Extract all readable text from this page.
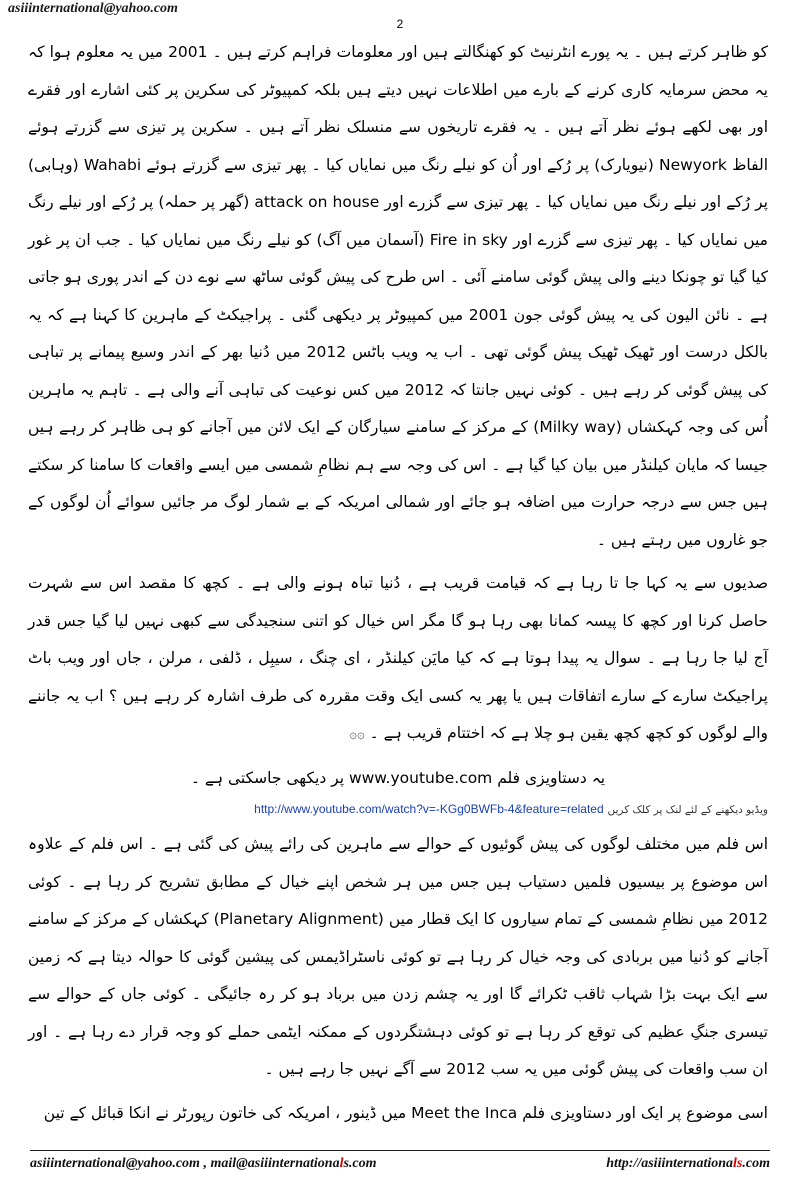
asiiinternational@yahoo.com

2

کو ظاہر کرتے ہیں ۔ یہ پورے انٹرنیٹ کو کھنگالتے ہیں اور معلومات فراہم کرتے ہیں ۔ 2001 میں یہ معلوم ہوا کہ یہ محض سرمایہ کاری کرنے کے بارے میں اطلاعات نہیں دیتے ہیں بلکہ کمپیوٹر کی سکرین پر کئی اشارے اور فقرے اور بھی لکھے ہوئے نظر آتے ہیں ۔ یہ فقرے تاریخوں سے منسلک نظر آتے ہیں ۔ سکرین پر تیزی سے گزرتے ہوئے الفاظ Newyork (نیویارک) پر رُکے اور اُن کو نیلے رنگ میں نمایاں کیا ۔ پھر تیزی سے گزرتے ہوئے Wahabi (وہابی) پر رُکے اور نیلے رنگ میں نمایاں کیا ۔ پھر تیزی سے گزرے اور attack on house (گھر پر حملہ) پر رُکے اور نیلے رنگ میں نمایاں کیا ۔ پھر تیزی سے گزرے اور Fire in sky (آسمان میں آگ) کو نیلے رنگ میں نمایاں کیا ۔ جب ان پر غور کیا گیا تو چونکا دینے والی پیش گوئی سامنے آئی ۔ اس طرح کی پیش گوئی ساٹھ سے نوے دن کے اندر پوری ہو جاتی ہے ۔ نائن الیون کی یہ پیش گوئی جون 2001 میں کمپیوٹر پر دیکھی گئی ۔ پراجیکٹ کے ماہرین کا کہنا ہے کہ یہ بالکل درست اور ٹھیک ٹھیک پیش گوئی تھی ۔ اب یہ ویب باٹس 2012 میں دُنیا بھر کے اندر وسیع پیمانے پر تباہی کی پیش گوئی کر رہے ہیں ۔ کوئی نہیں جانتا کہ 2012 میں کس نوعیت کی تباہی آنے والی ہے ۔ تاہم یہ ماہرین اُس کی وجہ کہکشاں (Milky way) کے مرکز کے سامنے سیارگان کے ایک لائن میں آجانے کو ہی ظاہر کر رہے ہیں جیسا کہ مایان کیلنڈر میں بیان کیا گیا ہے ۔ اس کی وجہ سے ہم نظامِ شمسی میں ایسے واقعات کا سامنا کر سکتے ہیں جس سے درجہ حرارت میں اضافہ ہو جائے اور شمالی امریکہ کے بے شمار لوگ مر جائیں سوائے اُن لوگوں کے جو غاروں میں رہتے ہیں ۔

صدیوں سے یہ کہا جا تا رہا ہے کہ قیامت قریب ہے ، دُنیا تباہ ہونے والی ہے ۔ کچھ کا مقصد اس سے شہرت حاصل کرنا اور کچھ کا پیسہ کمانا بھی رہا ہو گا مگر اس خیال کو اتنی سنجیدگی سے کبھی نہیں لیا گیا جس قدر آج لیا جا رہا ہے ۔ سوال یہ پیدا ہوتا ہے کہ کیا مایَن کیلنڈر ، ای چنگ ، سیبِل ، ڈلفی ، مرلن ، جاں اور ویب باٹ پراجیکٹ سارے کے سارے اتفاقات ہیں یا پھر یہ کسی ایک وقت مقررہ کی طرف اشارہ کر رہے ہیں ؟ اب یہ جاننے والے لوگوں کو کچھ کچھ یقین ہو چلا ہے کہ اختتام قریب ہے ۔ ۞۞

یہ دستاویزی فلم www.youtube.com پر دیکھی جاسکتی ہے ۔

ویڈیو دیکھنے کے لئے لنک پر کلک کریں http://www.youtube.com/watch?v=-KGg0BWFb-4&feature=related

اس فلم میں مختلف لوگوں کی پیش گوئیوں کے حوالے سے ماہرین کی رائے پیش کی گئی ہے ۔ اس فلم کے علاوہ اس موضوع پر بیسیوں فلمیں دستیاب ہیں جس میں ہر شخص اپنے خیال کے مطابق تشریح کر رہا ہے ۔ کوئی 2012 میں نظامِ شمسی کے تمام سیاروں کا ایک قطار میں (Planetary Alignment) کہکشاں کے مرکز کے سامنے آجانے کو دُنیا میں بربادی کی وجہ خیال کر رہا ہے تو کوئی ناسٹراڈیمس کی پیشین گوئی کا حوالہ دیتا ہے کہ زمین سے ایک بہت بڑا شہاب ثاقب ٹکرائے گا اور یہ چشم زدن میں برباد ہو کر رہ جائیگی ۔ کوئی جاں کے حوالے سے تیسری جنگِ عظیم کی توقع کر رہا ہے تو کوئی دہشتگردوں کے ممکنہ ایٹمی حملے کو وجہ قرار دے رہا ہے ۔ اور ان سب واقعات کی پیش گوئی میں یہ سب 2012 سے آگے نہیں جا رہے ہیں ۔

اسی موضوع پر ایک اور دستاویزی فلم Meet the Inca میں ڈینور ، امریکہ کی خاتون رپورٹر نے انکا قبائل کے تین

asiiinternational@yahoo.com , mail@asiiinternationals.com	http://asiiinternationals.com
